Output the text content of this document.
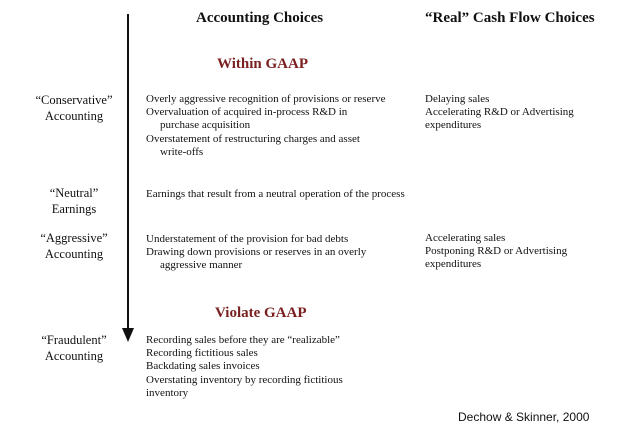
Accounting Choices	“Real” Cash Flow Choices
Within GAAP
Violate GAAP
“Conservative”
Accounting
“Neutral”
Earnings
“Aggressive”
Accounting
“Fraudulent”
Accounting
Overly aggressive recognition of provisions or reserve
Overvaluation of acquired in-process R&D in purchase acquisition
Overstatement of restructuring charges and asset write-offs
Earnings that result from a neutral operation of the process
Understatement of the provision for bad debts
Drawing down provisions or reserves in an overly aggressive manner
Recording sales before they are “realizable”
Recording fictitious sales
Backdating sales invoices
Overstating inventory by recording fictitious inventory
Delaying sales
Accelerating R&D or Advertising expenditures
Accelerating sales
Postponing R&D or Advertising expenditures
Dechow & Skinner, 2000
